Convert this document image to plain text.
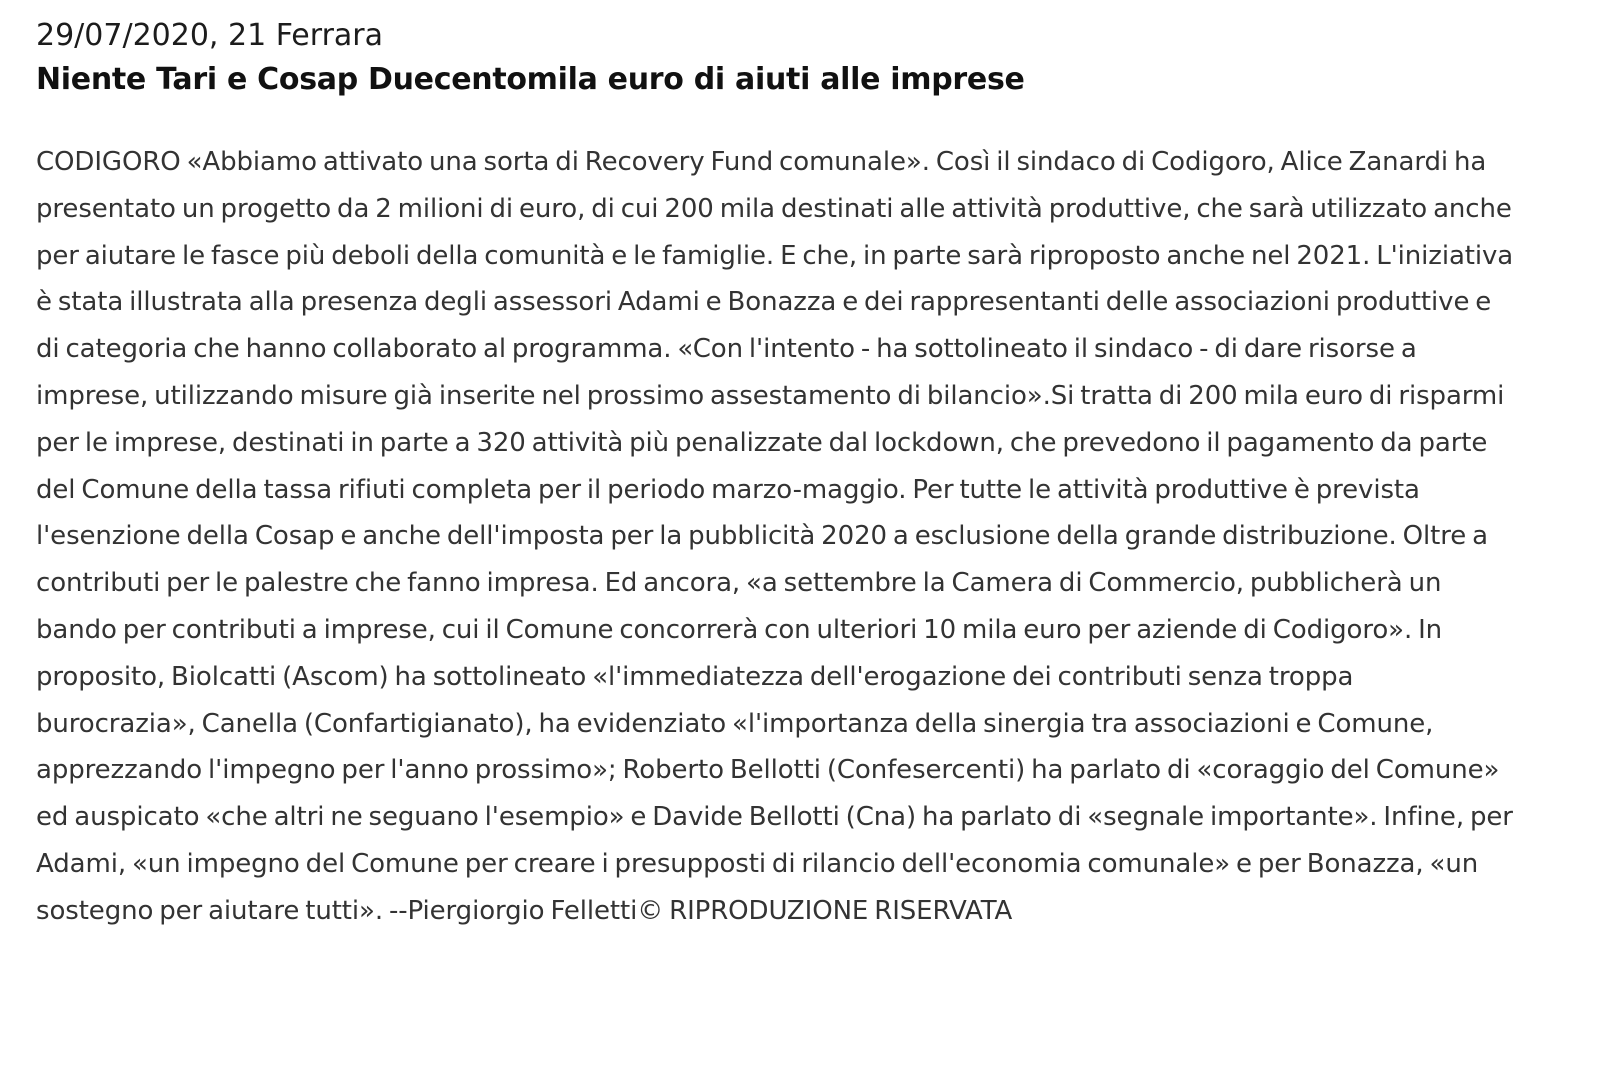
29/07/2020, 21 Ferrara
Niente Tari e Cosap Duecentomila euro di aiuti alle imprese
CODIGORO «Abbiamo attivato una sorta di Recovery Fund comunale». Così il sindaco di Codigoro, Alice Zanardi ha presentato un progetto da 2 milioni di euro, di cui 200 mila destinati alle attività produttive, che sarà utilizzato anche per aiutare le fasce più deboli della comunità e le famiglie. E che, in parte sarà riproposto anche nel 2021. L'iniziativa è stata illustrata alla presenza degli assessori Adami e Bonazza e dei rappresentanti delle associazioni produttive e di categoria che hanno collaborato al programma. «Con l'intento - ha sottolineato il sindaco - di dare risorse a imprese, utilizzando misure già inserite nel prossimo assestamento di bilancio».Si tratta di 200 mila euro di risparmi per le imprese, destinati in parte a 320 attività più penalizzate dal lockdown, che prevedono il pagamento da parte del Comune della tassa rifiuti completa per il periodo marzo-maggio. Per tutte le attività produttive è prevista l'esenzione della Cosap e anche dell'imposta per la pubblicità 2020 a esclusione della grande distribuzione. Oltre a contributi per le palestre che fanno impresa. Ed ancora, «a settembre la Camera di Commercio, pubblicherà un bando per contributi a imprese, cui il Comune concorrerà con ulteriori 10 mila euro per aziende di Codigoro». In proposito, Biolcatti (Ascom) ha sottolineato «l'immediatezza dell'erogazione dei contributi senza troppa burocrazia», Canella (Confartigianato), ha evidenziato «l'importanza della sinergia tra associazioni e Comune, apprezzando l'impegno per l'anno prossimo»; Roberto Bellotti (Confesercenti) ha parlato di «coraggio del Comune» ed auspicato «che altri ne seguano l'esempio» e Davide Bellotti (Cna) ha parlato di «segnale importante». Infine, per Adami, «un impegno del Comune per creare i presupposti di rilancio dell'economia comunale» e per Bonazza, «un sostegno per aiutare tutti». --Piergiorgio Felletti© RIPRODUZIONE RISERVATA
